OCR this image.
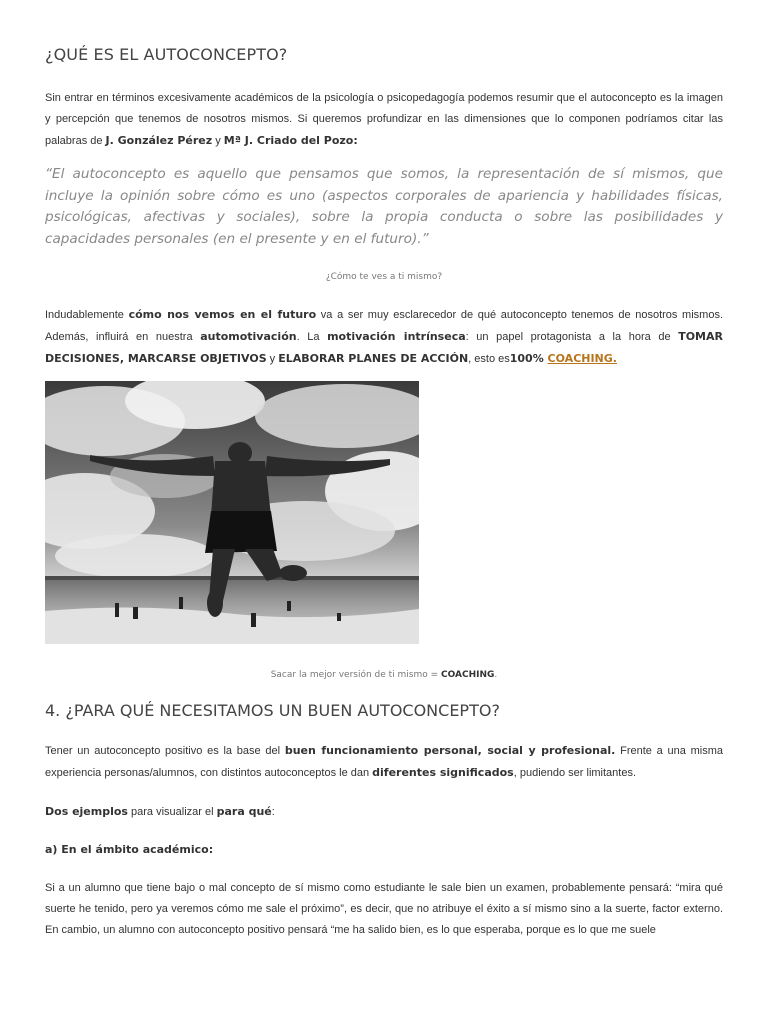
¿QUÉ ES EL AUTOCONCEPTO?

Sin entrar en términos excesivamente académicos de la psicología o psicopedagogía podemos resumir que el autoconcepto es la imagen y percepción que tenemos de nosotros mismos. Si queremos profundizar en las dimensiones que lo componen podríamos citar las palabras de J. González Pérez y Mª J. Criado del Pozo:

“El autoconcepto es aquello que pensamos que somos, la representación de sí mismos, que incluye la opinión sobre cómo es uno (aspectos corporales de apariencia y habilidades físicas, psicológicas, afectivas y sociales), sobre la propia conducta o sobre las posibilidades y capacidades personales (en el presente y en el futuro).”
¿Cómo te ves a ti mismo?

Indudablemente cómo nos vemos en el futuro va a ser muy esclarecedor de qué autoconcepto tenemos de nosotros mismos. Además, influirá en nuestra automotivación. La motivación intrínseca: un papel protagonista a la hora de TOMAR DECISIONES, MARCARSE OBJETIVOS y ELABORAR PLANES DE ACCIÓN, esto es100% COACHING.

Sacar la mejor versión de ti mismo = COACHING.
4. ¿PARA QUÉ NECESITAMOS UN BUEN AUTOCONCEPTO?

Tener un autoconcepto positivo es la base del buen funcionamiento personal, social y profesional. Frente a una misma experiencia personas/alumnos, con distintos autoconceptos le dan diferentes significados, pudiendo ser limitantes.

Dos ejemplos para visualizar el para qué:

a) En el ámbito académico:

Si a un alumno que tiene bajo o mal concepto de sí mismo como estudiante le sale bien un examen, probablemente pensará: “mira qué suerte he tenido, pero ya veremos cómo me sale el próximo”, es decir, que no atribuye el éxito a sí mismo sino a la suerte, factor externo. En cambio, un alumno con autoconcepto positivo pensará “me ha salido bien, es lo que esperaba, porque es lo que me suele
